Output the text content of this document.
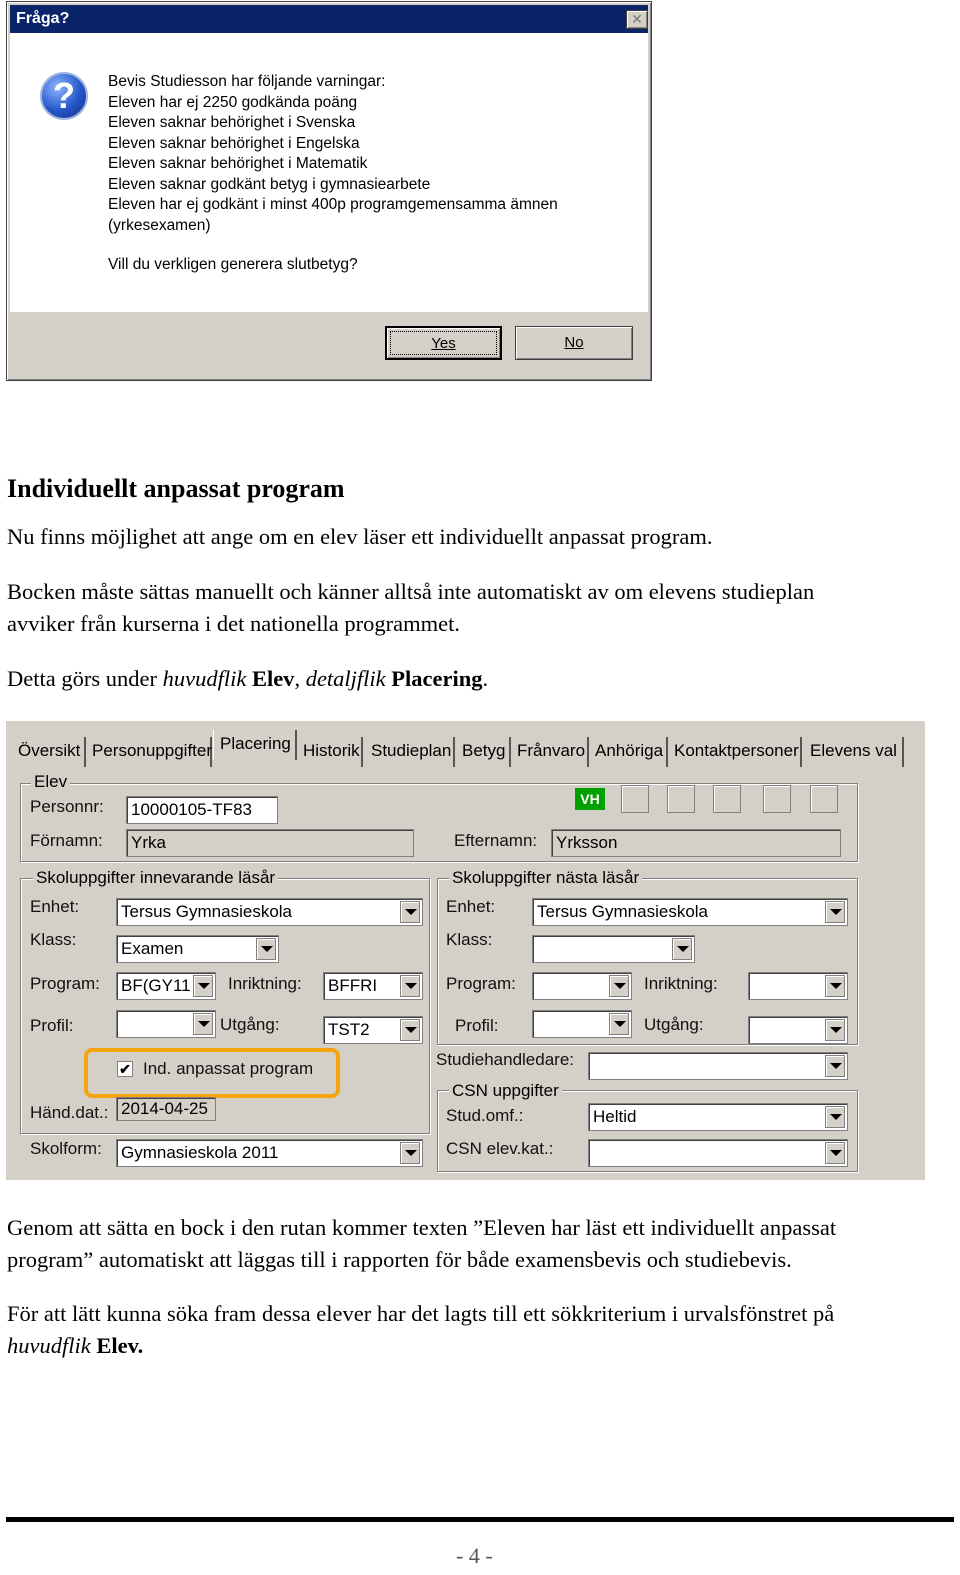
Fråga?	✕
?	Bevis Studiesson har följande varningar:
Eleven har ej 2250 godkända poäng
Eleven saknar behörighet i Svenska
Eleven saknar behörighet i Engelska
Eleven saknar behörighet i Matematik
Eleven saknar godkänt betyg i gymnasiearbete
Eleven har ej godkänt i minst 400p programgemensamma ämnen
(yrkesexamen)
Vill du verkligen generera slutbetyg?
Yes	No
Individuellt anpassat program
Nu finns möjlighet att ange om en elev läser ett individuellt anpassat program.
Bocken måste sättas manuellt och känner alltså inte automatiskt av om elevens studieplan
avviker från kurserna i det nationella programmet.
Detta görs under huvudflik Elev, detaljflik Placering.
Översikt Personuppgifter Placering Historik Studieplan Betyg Frånvaro Anhöriga Kontaktpersoner Elevens val
Elev
Personnr: 10000105-TF83
Förnamn: Yrka	Efternamn: Yrksson
VH
Skoluppgifter innevarande läsår
Enhet: Tersus Gymnasieskola
Klass:	Examen
Program: BF(GY11	Inriktning: BFFRI
Profil:	Utgång:	TST2
✔ Ind. anpassat program
Händ.dat.: 2014-04-25
Skolform: Gymnasieskola 2011
Skoluppgifter nästa läsår
Enhet: Tersus Gymnasieskola
Klass:
Program:	Inriktning:
Profil:	Utgång:
Studiehandledare:
CSN uppgifter
Stud.omf.:	Heltid
CSN elev.kat.:
Genom att sätta en bock i den rutan kommer texten ”Eleven har läst ett individuellt anpassat
program” automatiskt att läggas till i rapporten för både examensbevis och studiebevis.
För att lätt kunna söka fram dessa elever har det lagts till ett sökkriterium i urvalsfönstret på
huvudflik Elev.
- 4 -
